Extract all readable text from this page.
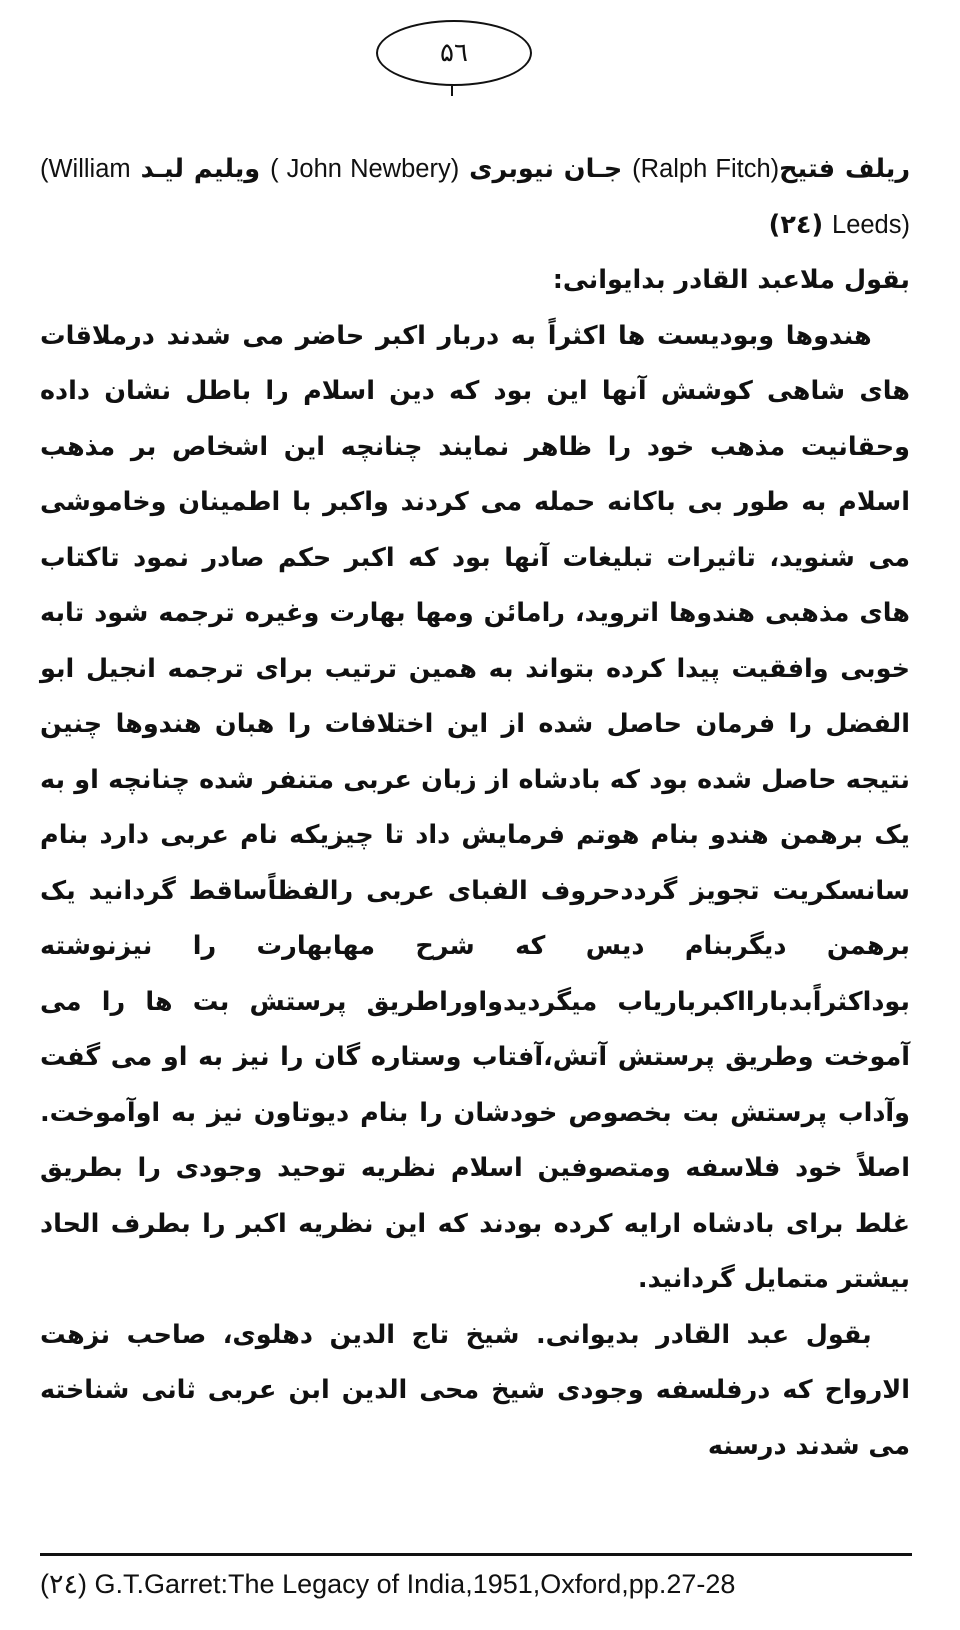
۵٦

ریلف فتیح(Ralph Fitch) جـان نیوبری ( John Newbery) ویلیم لیـد (William Leeds) (٢٤)

بقول ملاعبد القادر بدایوانی:

هندوها وبودیست ها اکثراً به دربار اکبر حاضر می شدند درملاقات های شاهی کوشش آنها این بود که دین اسلام را باطل نشان داده وحقانیت مذهب خود را ظاهر نمایند چنانچه این اشخاص بر مذهب اسلام به طور بی باکانه حمله می کردند واکبر با اطمینان وخاموشی می شنوید، تاثیرات تبلیغات آنها بود که اکبر حکم صادر نمود تاکتاب های مذهبی هندوها اتروید، رامائن ومها بهارت وغیره ترجمه شود تابه خوبی وافقیت پیدا کرده بتواند به همین ترتیب برای ترجمه انجیل ابو الفضل را فرمان حاصل شده از این اختلافات را هبان هندوها چنین نتیجه حاصل شده بود که بادشاه از زبان عربی متنفر شده چنانچه او به یک برهمن هندو بنام هوتم فرمایش داد تا چیزیکه نام عربی دارد بنام سانسکریت تجویز گرددحروف الفبای عربی رالفظاًساقط گردانید یک برهمن دیگربنام دیس که شرح مهابهارت را نیزنوشته بوداکثراًبدبارااکبرباریاب میگردیدواوراطریق پرستش بت ها را می آموخت وطریق پرستش آتش،آفتاب وستاره گان را نیز به او می گفت وآداب پرستش بت بخصوص خودشان را بنام دیوتاون نیز به اوآموخت. اصلاً خود فلاسفه ومتصوفین اسلام نظریه توحید وجودی را بطریق غلط برای بادشاه ارایه کرده بودند که این نظریه اکبر را بطرف الحاد بیشتر متمایل گردانید.

بقول عبد القادر بدیوانی. شیخ تاج الدین دهلوی، صاحب نزهت الارواح که درفلسفه وجودی شیخ محی الدین ابن عربی ثانی شناخته می شدند درسنه

(٢٤) G.T.Garret:The Legacy of India,1951,Oxford,pp.27-28
